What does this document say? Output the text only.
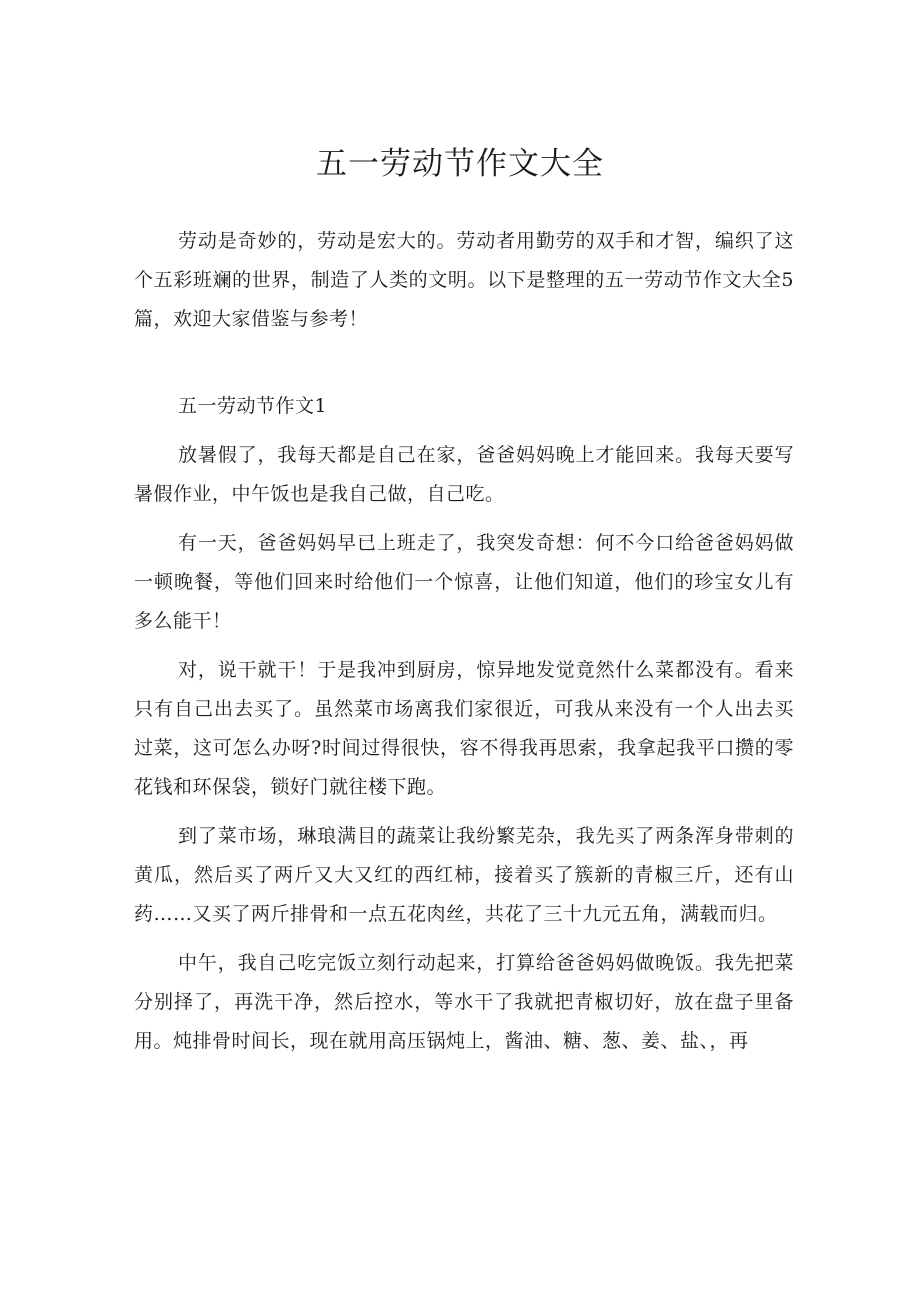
五一劳动节作文大全

劳动是奇妙的，劳动是宏大的。劳动者用勤劳的双手和才智，编织了这个五彩班斓的世界，制造了人类的文明。以下是整理的五一劳动节作文大全5篇，欢迎大家借鉴与参考！

五一劳动节作文1

放暑假了，我每天都是自己在家，爸爸妈妈晚上才能回来。我每天要写暑假作业，中午饭也是我自己做，自己吃。

有一天，爸爸妈妈早已上班走了，我突发奇想：何不今口给爸爸妈妈做一顿晚餐，等他们回来时给他们一个惊喜，让他们知道，他们的珍宝女儿有多么能干！

对，说干就干！于是我冲到厨房，惊异地发觉竟然什么菜都没有。看来只有自己出去买了。虽然菜市场离我们家很近，可我从来没有一个人出去买过菜，这可怎么办呀?时间过得很快，容不得我再思索，我拿起我平口攒的零花钱和环保袋，锁好门就往楼下跑。

到了菜市场，琳琅满目的蔬菜让我纷繁芜杂，我先买了两条浑身带刺的黄瓜，然后买了两斤又大又红的西红柿，接着买了簇新的青椒三斤，还有山药……又买了两斤排骨和一点五花肉丝，共花了三十九元五角，满载而归。

中午，我自己吃完饭立刻行动起来，打算给爸爸妈妈做晚饭。我先把菜分别择了，再洗干净，然后控水，等水干了我就把青椒切好，放在盘子里备用。炖排骨时间长，现在就用高压锅炖上，酱油、糖、葱、姜、盐、，再
